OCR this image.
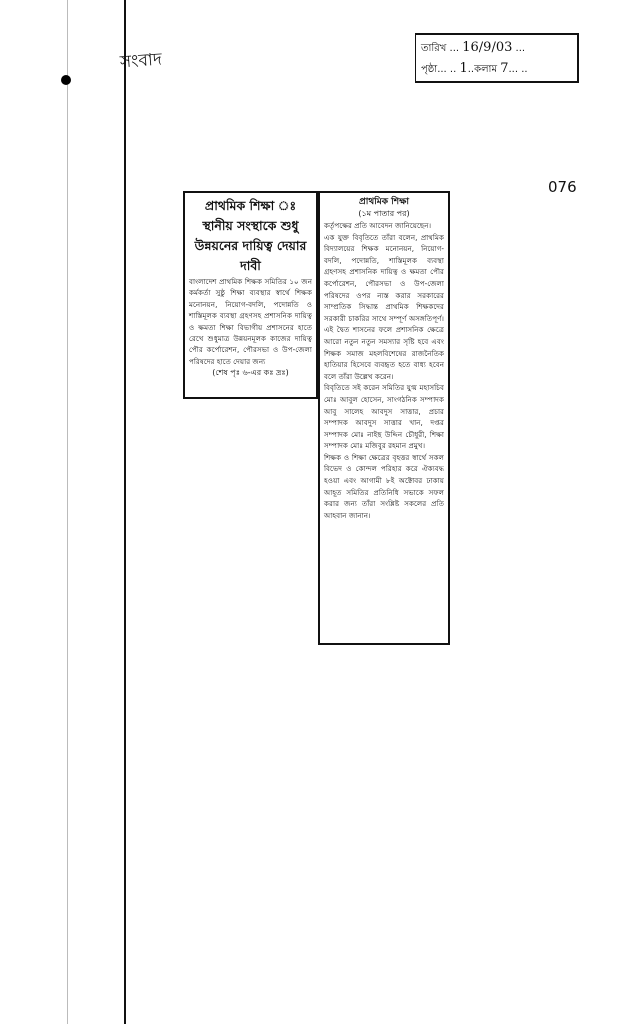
সংবাদ
তারিখ ... 16/9/03 ...
পৃষ্ঠা... .. 1..কলাম 7... ..
076
প্রাথমিক শিক্ষা ঃ স্থানীয় সংস্থাকে শুধু উন্নয়নের দায়িত্ব দেয়ার দাবী

বাংলাদেশ প্রাথমিক শিক্ষক সমিতির ১০ জন কর্মকর্তা সুষ্ঠু শিক্ষা ব্যবস্থার স্বার্থে শিক্ষক মনোনয়ন, নিয়োগ-বদলি, পদোন্নতি ও শাস্তিমূলক ব্যবস্থা গ্রহণসহ প্রশাসনিক দায়িত্ব ও ক্ষমতা শিক্ষা বিভাগীয় প্রশাসনের হাতে রেখে শুধুমাত্র উন্নয়নমূলক কাজের দায়িত্ব পৌর কর্পোরেশন, পৌরসভা ও উপ-জেলা পরিষদের হাতে দেয়ার জন্য

(শেষ পৃঃ ৬-এর কঃ দ্রঃ)
প্রাথমিক শিক্ষা
(১ম পাতার পর)

কর্তৃপক্ষের প্রতি আবেদন জানিয়েছেন।

এক যুক্ত বিবৃতিতে তাঁরা বলেন, প্রাথমিক বিদ্যালয়ের শিক্ষক মনোনয়ন, নিয়োগ-বদলি, পদোন্নতি, শাস্তিমূলক ব্যবস্থা গ্রহণসহ প্রশাসনিক দায়িত্ব ও ক্ষমতা পৌর কর্পোরেশন, পৌরসভা ও উপ-জেলা পরিষদের ওপর ন্যস্ত করার সরকারের সাম্প্রতিক সিদ্ধান্ত প্রাথমিক শিক্ষকদের সরকারী চাকরির সাথে সম্পূর্ণ অসঙ্গতিপূর্ণ। এই দ্বৈত শাসনের ফলে প্রশাসনিক ক্ষেত্রে আরো নতুন নতুন সমস্যার সৃষ্টি হবে এবং শিক্ষক সমাজ মহলবিশেষের রাজনৈতিক হাতিয়ার হিসেবে ব্যবহৃত হতে বাধ্য হবেন বলে তাঁরা উল্লেখ করেন।

বিবৃতিতে সই করেন সমিতির যুগ্ম মহাসচিব মোঃ আবুল হোসেন, সাংগঠনিক সম্পাদক আবু সালেহ আবদুস সাত্তার, প্রচার সম্পাদক আবদুস সাত্তার খান, দপ্তর সম্পাদক মোঃ নাইছ উদ্দিন চৌধুরী, শিক্ষা সম্পাদক মোঃ মজিবুর রহমান প্রমুখ।

শিক্ষক ও শিক্ষা ক্ষেত্রের বৃহত্তর স্বার্থে সকল বিভেদ ও কোন্দল পরিহার করে ঐক্যবদ্ধ হওয়া এবং আগামী ৮ই অক্টোবর ঢাকায় আহূত সমিতির প্রতিনিধি সভাকে সফল করার জন্য তাঁরা সংশ্লিষ্ট সকলের প্রতি আহবান জানান।
